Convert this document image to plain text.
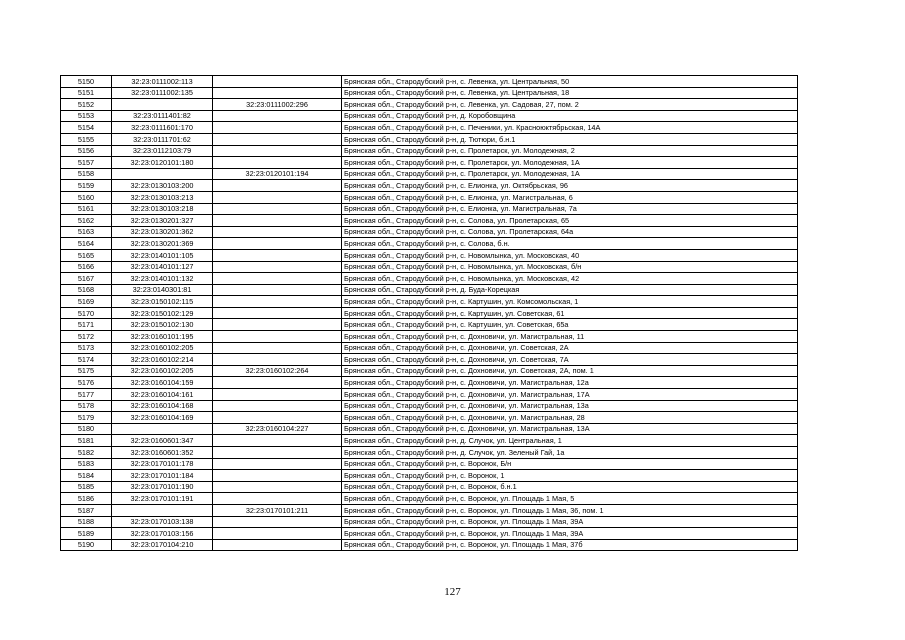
5150	32:23:0111002:113		Брянская обл., Стародубский р-н, с. Левенка, ул. Центральная, 50
5151	32:23:0111002:135		Брянская обл., Стародубский р-н, с. Левенка, ул. Центральная, 18
5152		32:23:0111002:296	Брянская обл., Стародубский р-н, с. Левенка, ул. Садовая, 27, пом. 2
5153	32:23:0111401:82		Брянская обл., Стародубский р-н, д. Коробовщина
5154	32:23:0111601:170		Брянская обл., Стародубский р-н, с. Печеники, ул. Красноюктябрьская, 14А
5155	32:23:0111701:62		Брянская обл., Стародубский р-н, д. Тютюри, б.н.1
5156	32:23:0112103:79		Брянская обл., Стародубский р-н, с. Пролетарск, ул. Молодежная, 2
5157	32:23:0120101:180		Брянская обл., Стародубский р-н, с. Пролетарск, ул. Молодежная, 1А
5158		32:23:0120101:194	Брянская обл., Стародубский р-н, с. Пролетарск, ул. Молодежная, 1А
5159	32:23:0130103:200		Брянская обл., Стародубский р-н, с. Елионка, ул. Октябрьская, 96
5160	32:23:0130103:213		Брянская обл., Стародубский р-н, с. Елионка, ул. Магистральная, 6
5161	32:23:0130103:218		Брянская обл., Стародубский р-н, с. Елионка, ул. Магистральная, 7а
5162	32:23:0130201:327		Брянская обл., Стародубский р-н, с. Солова, ул. Пролетарская, 65
5163	32:23:0130201:362		Брянская обл., Стародубский р-н, с. Солова, ул. Пролетарская, 64а
5164	32:23:0130201:369		Брянская обл., Стародубский р-н, с. Солова, б.н.
5165	32:23:0140101:105		Брянская обл., Стародубский р-н, с. Новомлынка, ул. Московская, 40
5166	32:23:0140101:127		Брянская обл., Стародубский р-н, с. Новомлынка, ул. Московская, б/н
5167	32:23:0140101:132		Брянская обл., Стародубский р-н, с. Новомлынка, ул. Московская, 42
5168	32:23:0140301:81		Брянская обл., Стародубский р-н, д. Буда-Корецкая
5169	32:23:0150102:115		Брянская обл., Стародубский р-н, с. Картушин, ул. Комсомольская, 1
5170	32:23:0150102:129		Брянская обл., Стародубский р-н, с. Картушин, ул. Советская, 61
5171	32:23:0150102:130		Брянская обл., Стародубский р-н, с. Картушин, ул. Советская, 65а
5172	32:23:0160101:195		Брянская обл., Стародубский р-н, с. Дохновичи, ул. Магистральная, 11
5173	32:23:0160102:205		Брянская обл., Стародубский р-н, с. Дохновичи, ул. Советская, 2А
5174	32:23:0160102:214		Брянская обл., Стародубский р-н, с. Дохновичи, ул. Советская, 7А
5175	32:23:0160102:205	32:23:0160102:264	Брянская обл., Стародубский р-н, с. Дохновичи, ул. Советская, 2А, пом. 1
5176	32:23:0160104:159		Брянская обл., Стародубский р-н, с. Дохновичи, ул. Магистральная, 12а
5177	32:23:0160104:161		Брянская обл., Стародубский р-н, с. Дохновичи, ул. Магистральная, 17А
5178	32:23:0160104:168		Брянская обл., Стародубский р-н, с. Дохновичи, ул. Магистральная, 13а
5179	32:23:0160104:169		Брянская обл., Стародубский р-н, с. Дохновичи, ул. Магистральная, 28
5180		32:23:0160104:227	Брянская обл., Стародубский р-н, с. Дохновичи, ул. Магистральная, 13А
5181	32:23:0160601:347		Брянская обл., Стародубский р-н, д. Случок, ул. Центральная, 1
5182	32:23:0160601:352		Брянская обл., Стародубский р-н, д. Случок, ул. Зеленый Гай, 1а
5183	32:23:0170101:178		Брянская обл., Стародубский р-н, с. Воронок, Б/н
5184	32:23:0170101:184		Брянская обл., Стародубский р-н, с. Воронок, 1
5185	32:23:0170101:190		Брянская обл., Стародубский р-н, с. Воронок, б.н.1
5186	32:23:0170101:191		Брянская обл., Стародубский р-н, с. Воронок, ул. Площадь 1 Мая, 5
5187		32:23:0170101:211	Брянская обл., Стародубский р-н, с. Воронок, ул. Площадь 1 Мая, 36, пом. 1
5188	32:23:0170103:138		Брянская обл., Стародубский р-н, с. Воронок, ул. Площадь 1 Мая, 39А
5189	32:23:0170103:156		Брянская обл., Стародубский р-н, с. Воронок, ул. Площадь 1 Мая, 39А
5190	32:23:0170104:210		Брянская обл., Стародубский р-н, с. Воронок, ул. Площадь 1 Мая, 37б
127
